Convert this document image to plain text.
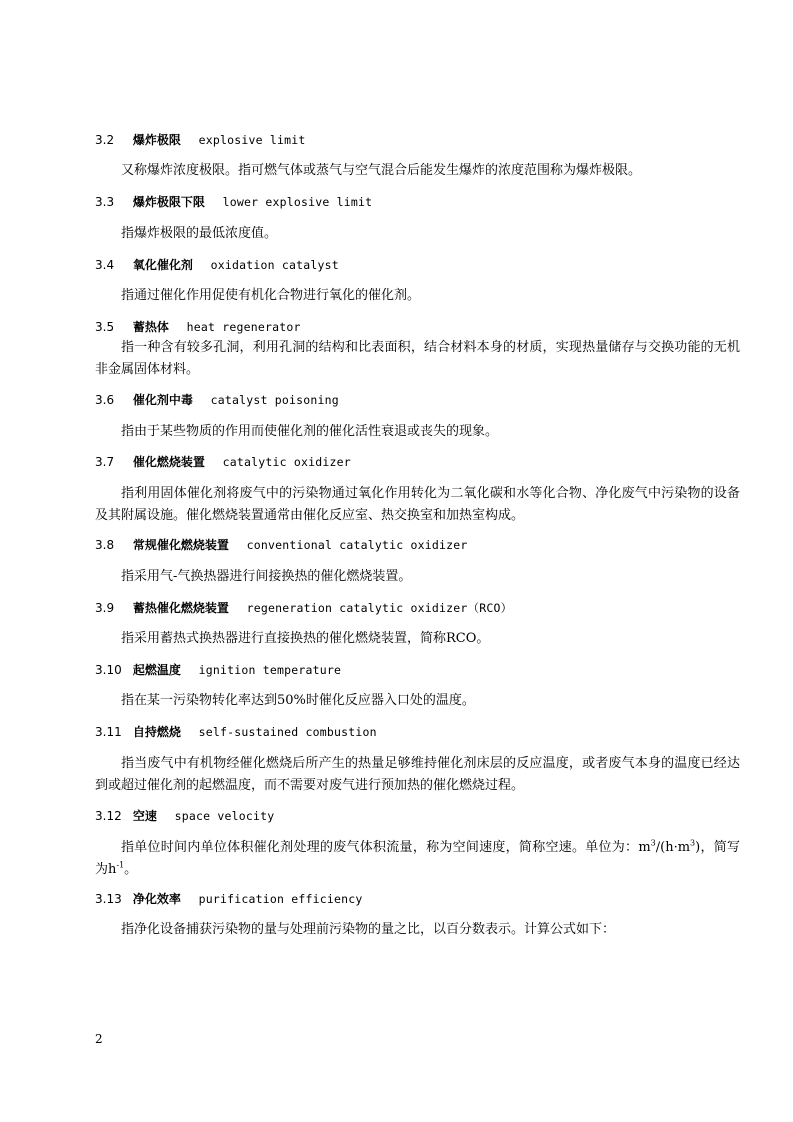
3.2 爆炸极限 explosive limit

又称爆炸浓度极限。指可燃气体或蒸气与空气混合后能发生爆炸的浓度范围称为爆炸极限。

3.3 爆炸极限下限 lower explosive limit

指爆炸极限的最低浓度值。

3.4 氧化催化剂 oxidation catalyst

指通过催化作用促使有机化合物进行氧化的催化剂。

3.5 蓄热体 heat regenerator

指一种含有较多孔洞，利用孔洞的结构和比表面积，结合材料本身的材质，实现热量储存与交换功能的无机非金属固体材料。

3.6 催化剂中毒 catalyst poisoning

指由于某些物质的作用而使催化剂的催化活性衰退或丧失的现象。

3.7 催化燃烧装置 catalytic oxidizer

指利用固体催化剂将废气中的污染物通过氧化作用转化为二氧化碳和水等化合物、净化废气中污染物的设备及其附属设施。催化燃烧装置通常由催化反应室、热交换室和加热室构成。

3.8 常规催化燃烧装置 conventional catalytic oxidizer

指采用气-气换热器进行间接换热的催化燃烧装置。

3.9 蓄热催化燃烧装置 regeneration catalytic oxidizer（RCO）

指采用蓄热式换热器进行直接换热的催化燃烧装置，简称RCO。

3.10 起燃温度 ignition temperature

指在某一污染物转化率达到50%时催化反应器入口处的温度。

3.11 自持燃烧 self-sustained combustion

指当废气中有机物经催化燃烧后所产生的热量足够维持催化剂床层的反应温度，或者废气本身的温度已经达到或超过催化剂的起燃温度，而不需要对废气进行预加热的催化燃烧过程。

3.12 空速 space velocity

指单位时间内单位体积催化剂处理的废气体积流量，称为空间速度，简称空速。单位为：$m^3/(h\cdot m^3)$，简写为$h^{-1}$。

3.13 净化效率 purification efficiency

指净化设备捕获污染物的量与处理前污染物的量之比，以百分数表示。计算公式如下：

2
